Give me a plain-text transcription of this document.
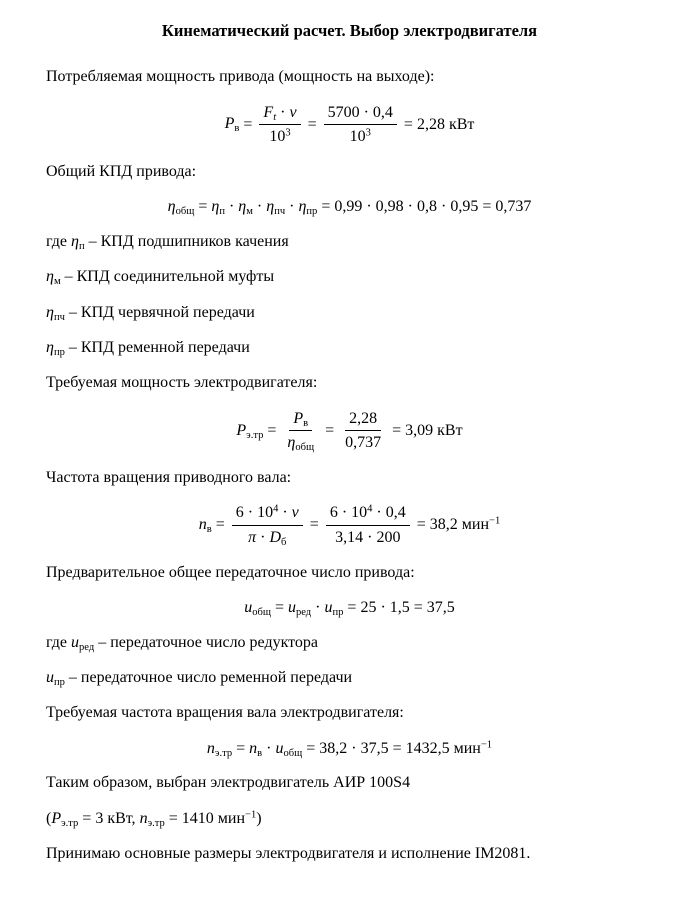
Кинематический расчет. Выбор электродвигателя
Потребляемая мощность привода (мощность на выходе):
$P_в = \frac{F_t \cdot v}{10^3} = \frac{5700 \cdot 0,4}{10^3} = 2,28$ кВт
Общий КПД привода:
$\eta_{общ} = \eta_п \cdot \eta_м \cdot \eta_{пч} \cdot \eta_{пр} = 0,99 \cdot 0,98 \cdot 0,8 \cdot 0,95 = 0,737$
где $\eta_п$ – КПД подшипников качения
$\eta_м$ – КПД соединительной муфты
$\eta_{пч}$ – КПД червячной передачи
$\eta_{пр}$ – КПД ременной передачи
Требуемая мощность электродвигателя:
$P_{э.тр} = \frac{P_в}{\eta_{общ}} = \frac{2,28}{0,737} = 3,09$ кВт
Частота вращения приводного вала:
$n_в = \frac{6 \cdot 10^4 \cdot v}{\pi \cdot D_б} = \frac{6 \cdot 10^4 \cdot 0,4}{3,14 \cdot 200} = 38,2$ мин$^{-1}$
Предварительное общее передаточное число привода:
$u_{общ} = u_{ред} \cdot u_{пр} = 25 \cdot 1,5 = 37,5$
где $u_{ред}$ – передаточное число редуктора
$u_{пр}$ – передаточное число ременной передачи
Требуемая частота вращения вала электродвигателя:
$n_{э.тр} = n_в \cdot u_{общ} = 38,2 \cdot 37,5 = 1432,5$ мин$^{-1}$
Таким образом, выбран электродвигатель АИР 100S4
($P_{э.тр} = 3$ кВт, $n_{э.тр} = 1410$ мин$^{-1}$)
Принимаю основные размеры электродвигателя и исполнение IM2081.
